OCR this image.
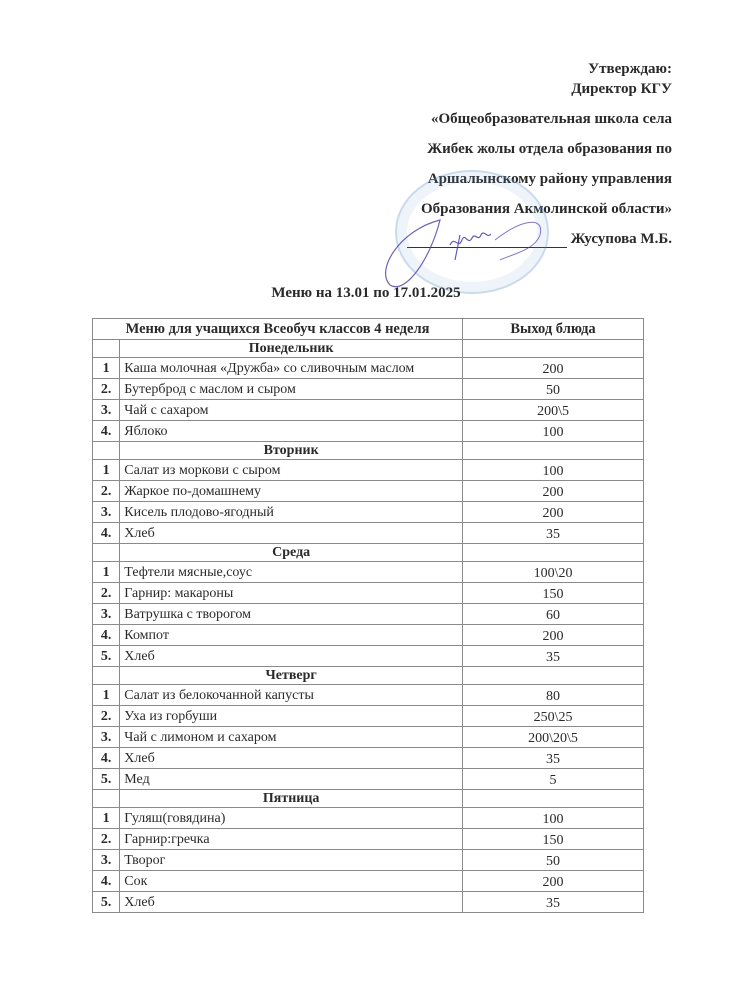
Утверждаю:
Директор КГУ
«Общеобразовательная школа села
Жибек жолы отдела образования по
Аршалынскому району управления
Образования Акмолинской области»
Жусупова М.Б.
Меню на 13.01 по 17.01.2025
Меню для учащихся Всеобуч классов 4 неделя		Выход блюда
	Понедельник	
1	Каша молочная «Дружба» со сливочным маслом	200
2.	Бутерброд с маслом и сыром	50
3.	Чай с сахаром	200\5
4.	Яблоко	100
	Вторник	
1	Салат из моркови с сыром	100
2.	Жаркое по-домашнему	200
3.	Кисель плодово-ягодный	200
4.	Хлеб	35
	Среда	
1	Тефтели мясные,соус	100\20
2.	Гарнир: макароны	150
3.	Ватрушка с творогом	60
4.	Компот	200
5.	Хлеб	35
	Четверг	
1	Салат из белокочанной капусты	80
2.	Уха из горбуши	250\25
3.	Чай с лимоном и сахаром	200\20\5
4.	Хлеб	35
5.	Мед	5
	Пятница	
1	Гуляш(говядина)	100
2.	Гарнир:гречка	150
3.	Творог	50
4.	Сок	200
5.	Хлеб	35
